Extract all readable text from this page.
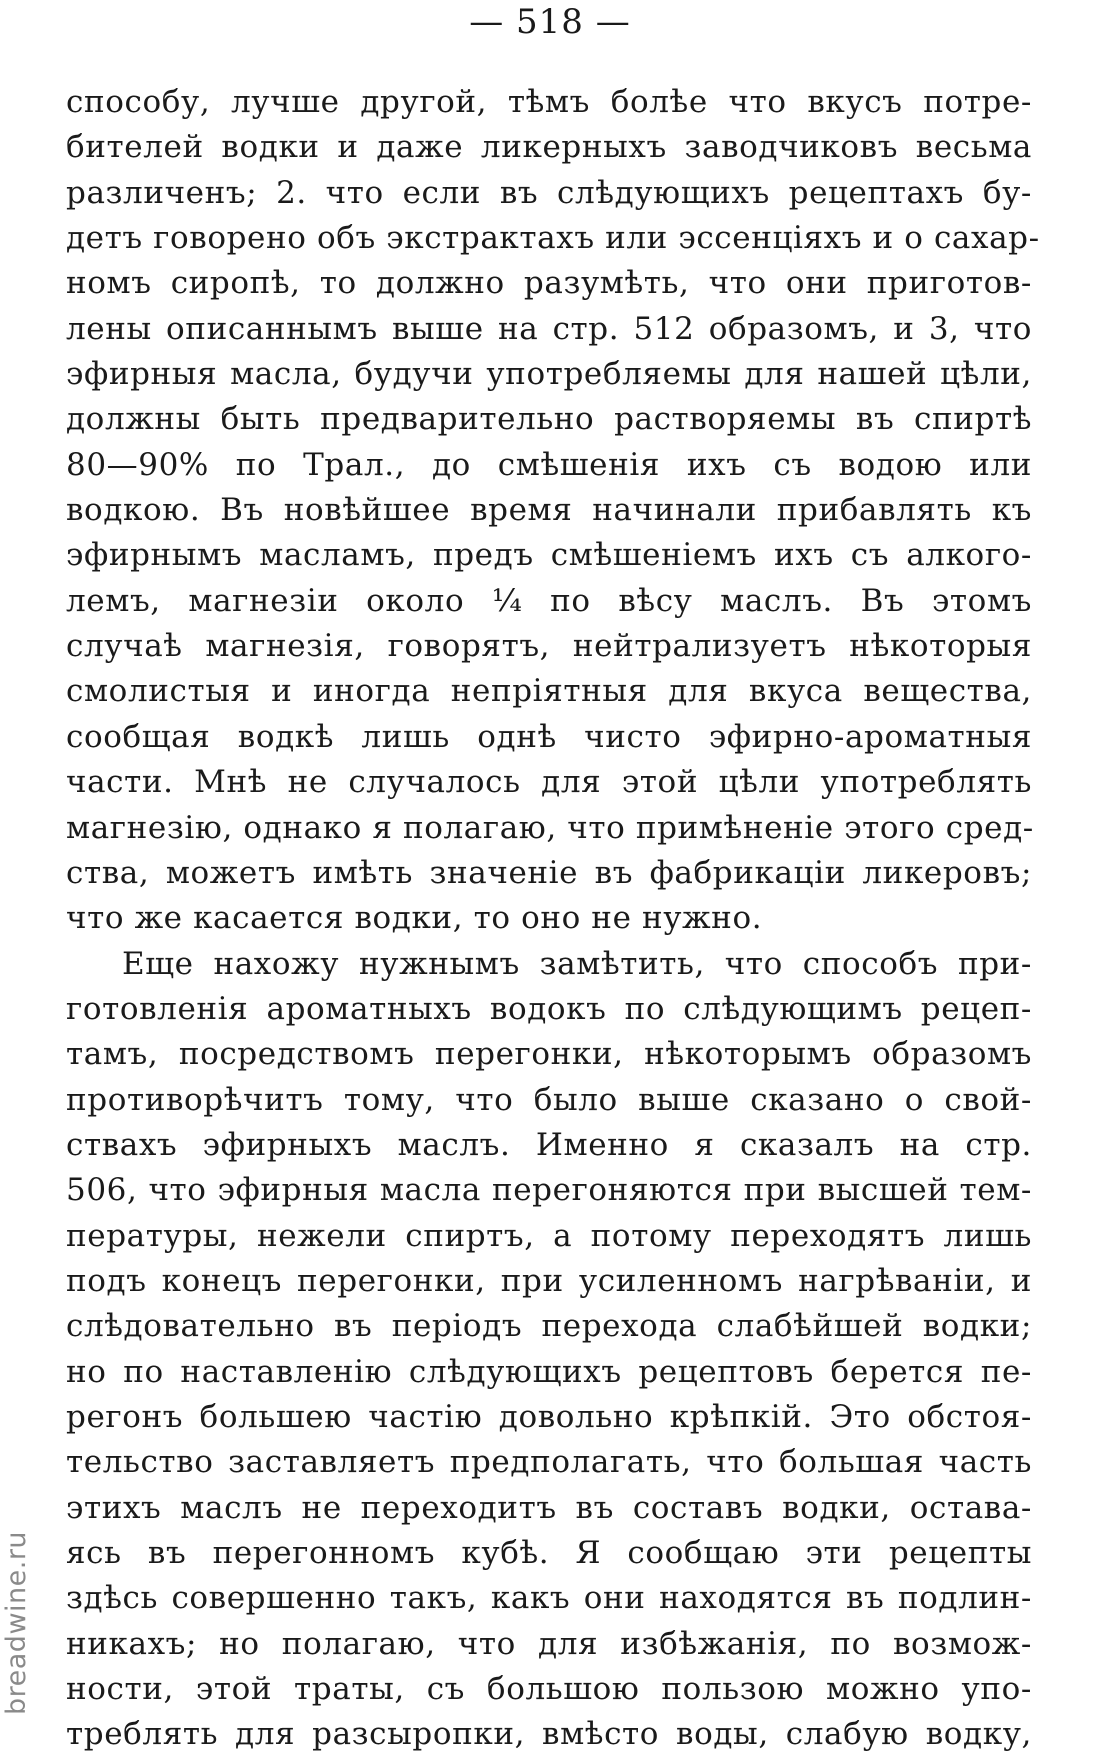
— 518 —
способу, лучше другой, тѣмъ болѣе что вкусъ потре-
бителей водки и даже ликерныхъ заводчиковъ весьма
различенъ; 2. что если въ слѣдующихъ рецептахъ бу-
детъ говорено объ экстрактахъ или эссенціяхъ и о сахар-
номъ сиропѣ, то должно разумѣть, что они приготов-
лены описаннымъ выше на стр. 512 образомъ, и 3, что
эфирныя масла, будучи употребляемы для нашей цѣли,
должны быть предварительно растворяемы въ спиртѣ
80—90% по Трал., до смѣшенія ихъ съ водою или
водкою. Въ новѣйшее время начинали прибавлять къ
эфирнымъ масламъ, предъ смѣшеніемъ ихъ съ алкого-
лемъ, магнезіи около ¼ по вѣсу маслъ. Въ этомъ
случаѣ магнезія, говорятъ, нейтрализуетъ нѣкоторыя
смолистыя и иногда непріятныя для вкуса вещества,
сообщая водкѣ лишь однѣ чисто эфирно-ароматныя
части. Мнѣ не случалось для этой цѣли употреблять
магнезію, однако я полагаю, что примѣненіе этого сред-
ства, можетъ имѣть значеніе въ фабрикаціи ликеровъ;
что же касается водки, то оно не нужно.
Еще нахожу нужнымъ замѣтить, что способъ при-
готовленія ароматныхъ водокъ по слѣдующимъ рецеп-
тамъ, посредствомъ перегонки, нѣкоторымъ образомъ
противорѣчитъ тому, что было выше сказано о свой-
ствахъ эфирныхъ маслъ. Именно я сказалъ на стр.
506, что эфирныя масла перегоняются при высшей тем-
пературы, нежели спиртъ, а потому переходятъ лишь
подъ конецъ перегонки, при усиленномъ нагрѣваніи, и
слѣдовательно въ періодъ перехода слабѣйшей водки;
но по наставленію слѣдующихъ рецептовъ берется пе-
регонъ большею частію довольно крѣпкій. Это обстоя-
тельство заставляетъ предполагать, что большая часть
этихъ маслъ не переходитъ въ составъ водки, остава-
ясь въ перегонномъ кубѣ. Я сообщаю эти рецепты
здѣсь совершенно такъ, какъ они находятся въ подлин-
никахъ; но полагаю, что для избѣжанія, по возмож-
ности, этой траты, съ большою пользою можно упо-
треблять для разсыропки, вмѣсто воды, слабую водку,
breadwine.ru
